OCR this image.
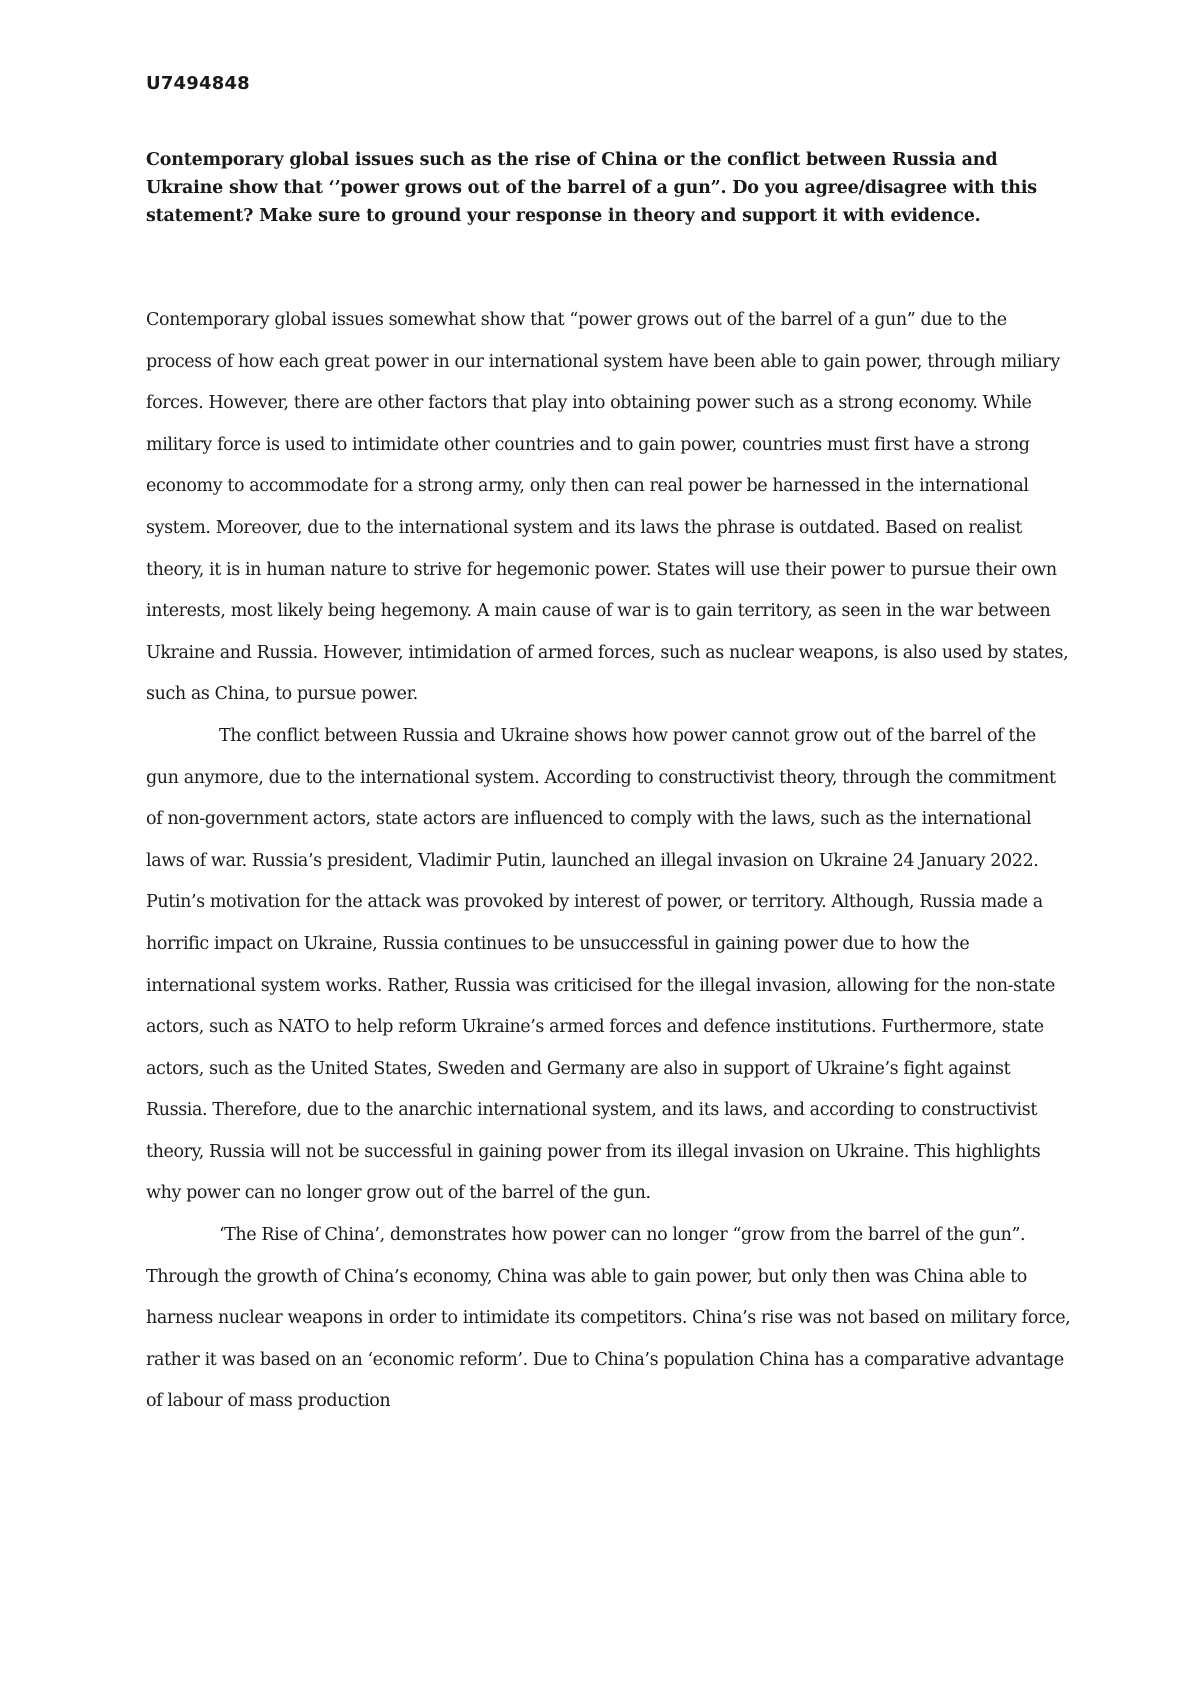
U7494848
Contemporary global issues such as the rise of China or the conflict between Russia and Ukraine show that ‘’power grows out of the barrel of a gun”. Do you agree/disagree with this statement? Make sure to ground your response in theory and support it with evidence.

Contemporary global issues somewhat show that “power grows out of the barrel of a gun” due to the process of how each great power in our international system have been able to gain power, through miliary forces. However, there are other factors that play into obtaining power such as a strong economy. While military force is used to intimidate other countries and to gain power, countries must first have a strong economy to accommodate for a strong army, only then can real power be harnessed in the international system. Moreover, due to the international system and its laws the phrase is outdated. Based on realist theory, it is in human nature to strive for hegemonic power. States will use their power to pursue their own interests, most likely being hegemony. A main cause of war is to gain territory, as seen in the war between Ukraine and Russia. However, intimidation of armed forces, such as nuclear weapons, is also used by states, such as China, to pursue power.

The conflict between Russia and Ukraine shows how power cannot grow out of the barrel of the gun anymore, due to the international system. According to constructivist theory, through the commitment of non-government actors, state actors are influenced to comply with the laws, such as the international laws of war. Russia’s president, Vladimir Putin, launched an illegal invasion on Ukraine 24 January 2022. Putin’s motivation for the attack was provoked by interest of power, or territory. Although, Russia made a horrific impact on Ukraine, Russia continues to be unsuccessful in gaining power due to how the international system works. Rather, Russia was criticised for the illegal invasion, allowing for the non-state actors, such as NATO to help reform Ukraine’s armed forces and defence institutions. Furthermore, state actors, such as the United States, Sweden and Germany are also in support of Ukraine’s fight against Russia. Therefore, due to the anarchic international system, and its laws, and according to constructivist theory, Russia will not be successful in gaining power from its illegal invasion on Ukraine. This highlights why power can no longer grow out of the barrel of the gun.

‘The Rise of China’, demonstrates how power can no longer “grow from the barrel of the gun”. Through the growth of China’s economy, China was able to gain power, but only then was China able to harness nuclear weapons in order to intimidate its competitors. China’s rise was not based on military force, rather it was based on an ‘economic reform’. Due to China’s population China has a comparative advantage of labour of mass production
